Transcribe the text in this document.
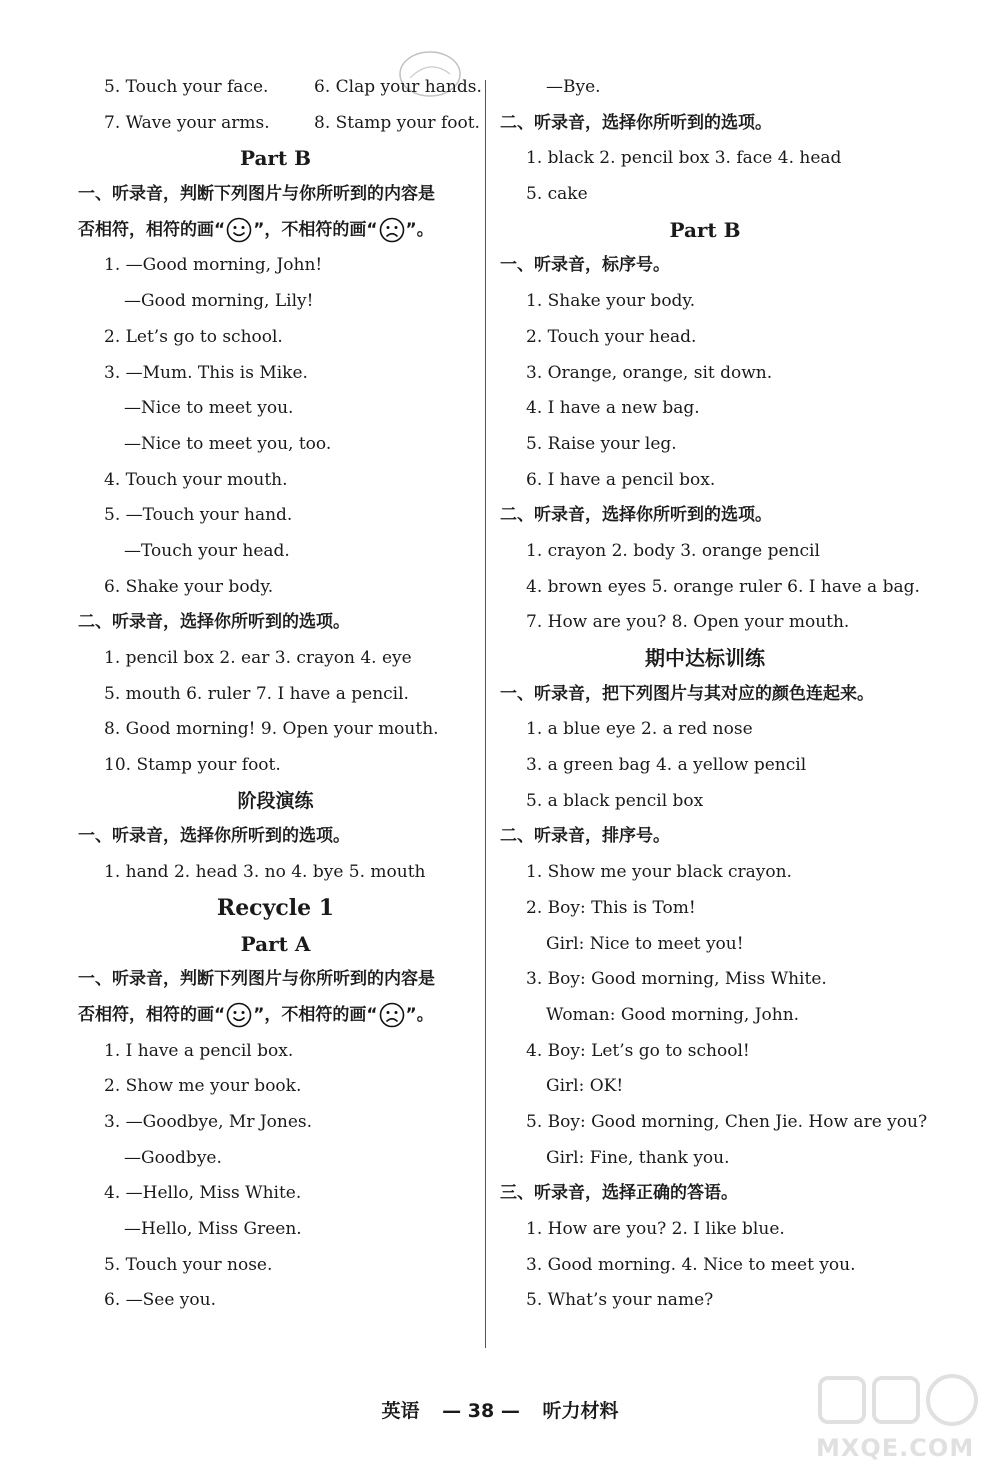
5. Touch your face.	6. Clap your hands.
7. Wave your arms.	8. Stamp your foot.
Part B
一、听录音，判断下列图片与你所听到的内容是
否相符，相符的画“ ”，不相符的画“ ”。
1. —Good morning, John!
—Good morning, Lily!
2. Let’s go to school.
3. —Mum. This is Mike.
—Nice to meet you.
—Nice to meet you, too.
4. Touch your mouth.
5. —Touch your hand.
—Touch your head.
6. Shake your body.
二、听录音，选择你所听到的选项。
1. pencil box 2. ear 3. crayon 4. eye
5. mouth 6. ruler 7. I have a pencil.
8. Good morning! 9. Open your mouth.
10. Stamp your foot.
阶段演练
一、听录音，选择你所听到的选项。
1. hand 2. head 3. no 4. bye 5. mouth
Recycle 1
Part A
一、听录音，判断下列图片与你所听到的内容是
否相符，相符的画“ ”，不相符的画“ ”。
1. I have a pencil box.
2. Show me your book.
3. —Goodbye, Mr Jones.
—Goodbye.
4. —Hello, Miss White.
—Hello, Miss Green.
5. Touch your nose.
6. —See you.
—Bye.
二、听录音，选择你所听到的选项。
1. black 2. pencil box 3. face 4. head
5. cake
Part B
一、听录音，标序号。
1. Shake your body.
2. Touch your head.
3. Orange, orange, sit down.
4. I have a new bag.
5. Raise your leg.
6. I have a pencil box.
二、听录音，选择你所听到的选项。
1. crayon 2. body 3. orange pencil
4. brown eyes 5. orange ruler 6. I have a bag.
7. How are you? 8. Open your mouth.
期中达标训练
一、听录音，把下列图片与其对应的颜色连起来。
1. a blue eye 2. a red nose
3. a green bag 4. a yellow pencil
5. a black pencil box
二、听录音，排序号。
1. Show me your black crayon.
2. Boy: This is Tom!
Girl: Nice to meet you!
3. Boy: Good morning, Miss White.
Woman: Good morning, John.
4. Boy: Let’s go to school!
Girl: OK!
5. Boy: Good morning, Chen Jie. How are you?
Girl: Fine, thank you.
三、听录音，选择正确的答语。
1. How are you? 2. I like blue.
3. Good morning. 4. Nice to meet you.
5. What’s your name?
英语 — 38 — 听力材料
MXQE.COM
